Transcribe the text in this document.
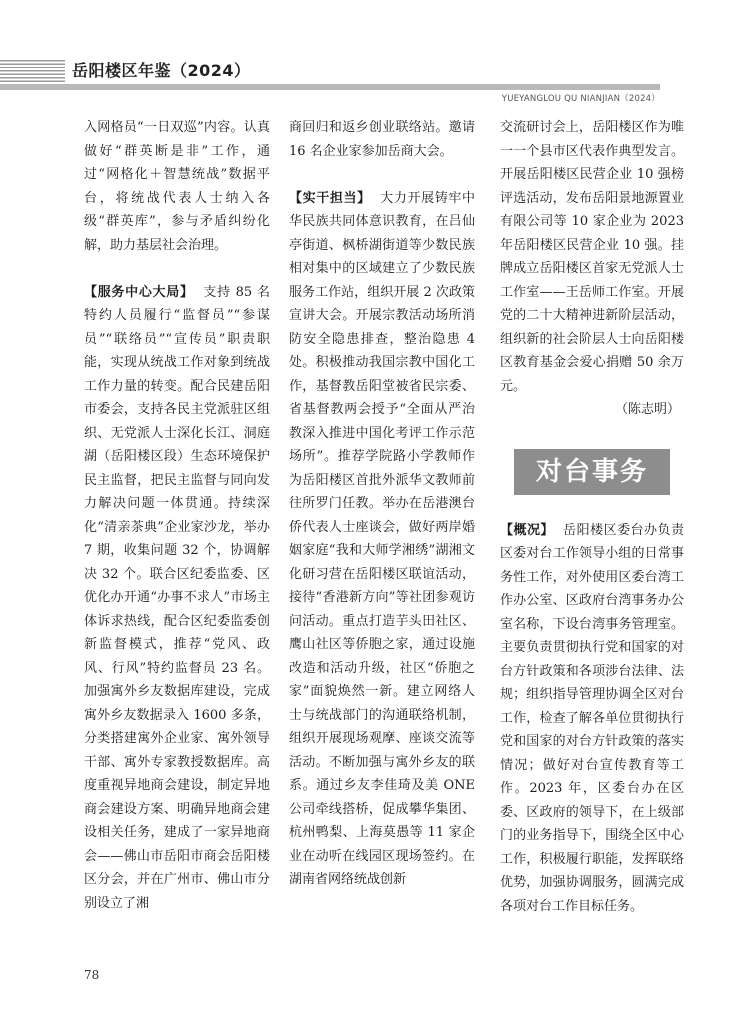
岳阳楼区年鉴（2024）
YUEYANGLOU QU NIANJIAN（2024）

入网格员“一日双巡”内容。认真做好“群英断是非”工作，通过“网格化＋智慧统战”数据平台，将统战代表人士纳入各级“群英库”，参与矛盾纠纷化解，助力基层社会治理。

【服务中心大局】 支持 85 名特约人员履行“监督员”“参谋员”“联络员”“宣传员”职责职能，实现从统战工作对象到统战工作力量的转变。配合民建岳阳市委会，支持各民主党派驻区组织、无党派人士深化长江、洞庭湖（岳阳楼区段）生态环境保护民主监督，把民主监督与同向发力解决问题一体贯通。持续深化“清亲茶典”企业家沙龙，举办 7 期，收集问题 32 个，协调解决 32 个。联合区纪委监委、区优化办开通“办事不求人”市场主体诉求热线，配合区纪委监委创新监督模式，推荐“党风、政风、行风”特约监督员 23 名。加强寓外乡友数据库建设，完成寓外乡友数据录入 1600 多条，分类搭建寓外企业家、寓外领导干部、寓外专家教授数据库。高度重视异地商会建设，制定异地商会建设方案、明确异地商会建设相关任务，建成了一家异地商会——佛山市岳阳市商会岳阳楼区分会，并在广州市、佛山市分别设立了湘

商回归和返乡创业联络站。邀请 16 名企业家参加岳商大会。

【实干担当】 大力开展铸牢中华民族共同体意识教育，在吕仙亭街道、枫桥湖街道等少数民族相对集中的区域建立了少数民族服务工作站，组织开展 2 次政策宣讲大会。开展宗教活动场所消防安全隐患排查，整治隐患 4 处。积极推动我国宗教中国化工作，基督教岳阳堂被省民宗委、省基督教两会授予“全面从严治教深入推进中国化考评工作示范场所”。推荐学院路小学教师作为岳阳楼区首批外派华文教师前往所罗门任教。举办在岳港澳台侨代表人士座谈会，做好两岸婚姻家庭“我和大师学湘绣”湖湘文化研习营在岳阳楼区联谊活动，接待“香港新方向”等社团参观访问活动。重点打造芋头田社区、鹰山社区等侨胞之家，通过设施改造和活动升级，社区“侨胞之家”面貌焕然一新。建立网络人士与统战部门的沟通联络机制，组织开展现场观摩、座谈交流等活动。不断加强与寓外乡友的联系。通过乡友李佳琦及美 ONE 公司牵线搭桥，促成攀华集团、杭州鸭梨、上海莫愚等 11 家企业在动听在线园区现场签约。在湖南省网络统战创新

交流研讨会上，岳阳楼区作为唯一一个县市区代表作典型发言。开展岳阳楼区民营企业 10 强榜评选活动，发布岳阳景地源置业有限公司等 10 家企业为 2023 年岳阳楼区民营企业 10 强。挂牌成立岳阳楼区首家无党派人士工作室——王岳师工作室。开展党的二十大精神进新阶层活动，组织新的社会阶层人士向岳阳楼区教育基金会爱心捐赠 50 余万元。

（陈志明）

对台事务

【概况】 岳阳楼区委台办负责区委对台工作领导小组的日常事务性工作，对外使用区委台湾工作办公室、区政府台湾事务办公室名称，下设台湾事务管理室。主要负责贯彻执行党和国家的对台方针政策和各项涉台法律、法规；组织指导管理协调全区对台工作，检查了解各单位贯彻执行党和国家的对台方针政策的落实情况；做好对台宣传教育等工作。2023 年，区委台办在区委、区政府的领导下，在上级部门的业务指导下，围绕全区中心工作，积极履行职能，发挥联络优势，加强协调服务，圆满完成各项对台工作目标任务。

78
